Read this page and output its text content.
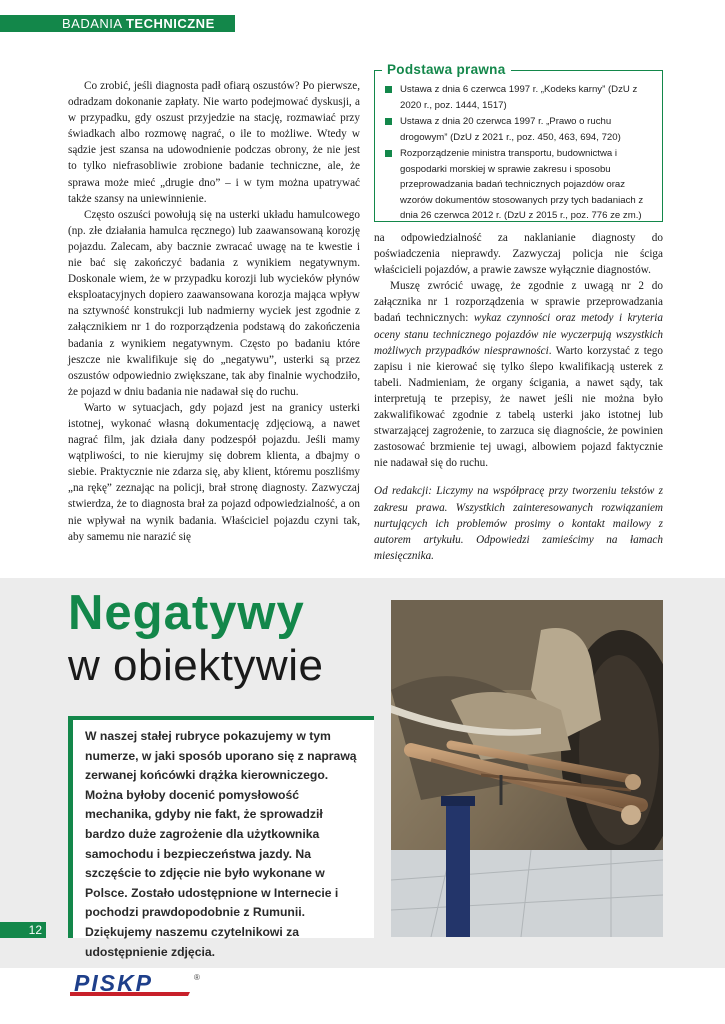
BADANIA TECHNICZNE

Co zrobić, jeśli diagnosta padł ofiarą oszustów? Po pierwsze, odradzam dokonanie zapłaty. Nie warto podejmować dyskusji, a w przypadku, gdy oszust przyjedzie na stację, rozmawiać przy świadkach albo rozmowę nagrać, o ile to możliwe. Wtedy w sądzie jest szansa na udowodnienie podczas obrony, że nie jest to tylko niefrasobliwie zrobione badanie techniczne, ale, że sprawa może mieć „drugie dno” – i w tym można upatrywać także szansy na uniewinnienie.

Często oszuści powołują się na usterki układu hamulcowego (np. złe działania hamulca ręcznego) lub zaawansowaną korozję pojazdu. Zalecam, aby bacznie zwracać uwagę na te kwestie i nie bać się zakończyć badania z wynikiem negatywnym. Doskonale wiem, że w przypadku korozji lub wycieków płynów eksploatacyjnych dopiero zaawansowana korozja mająca wpływ na sztywność konstrukcji lub nadmierny wyciek jest zgodnie z załącznikiem nr 1 do rozporządzenia podstawą do zakończenia badania z wynikiem negatywnym. Często po badaniu które jeszcze nie kwalifikuje się do „negatywu”, usterki są przez oszustów odpowiednio zwiększane, tak aby finalnie wychodziło, że pojazd w dniu badania nie nadawał się do ruchu.

Warto w sytuacjach, gdy pojazd jest na granicy usterki istotnej, wykonać własną dokumentację zdjęciową, a nawet nagrać film, jak działa dany podzespół pojazdu. Jeśli mamy wątpliwości, to nie kierujmy się dobrem klienta, a dbajmy o siebie. Praktycznie nie zdarza się, aby klient, któremu poszliśmy „na rękę” zeznając na policji, brał stronę diagnosty. Zazwyczaj stwierdza, że to diagnosta brał za pojazd odpowiedzialność, a on nie wpływał na wynik badania. Właściciel pojazdu czyni tak, aby samemu nie narazić się

Podstawa prawna
Ustawa z dnia 6 czerwca 1997 r. „Kodeks karny” (DzU z 2020 r., poz. 1444, 1517)
Ustawa z dnia 20 czerwca 1997 r. „Prawo o ruchu drogowym” (DzU z 2021 r., poz. 450, 463, 694, 720)
Rozporządzenie ministra transportu, budownictwa i gospodarki morskiej w sprawie zakresu i sposobu przeprowadzania badań technicznych pojazdów oraz wzorów dokumentów stosowanych przy tych badaniach z dnia 26 czerwca 2012 r. (DzU z 2015 r., poz. 776 ze zm.)

na odpowiedzialność za naklanianie diagnosty do poświadczenia nieprawdy. Zazwyczaj policja nie ściga właścicieli pojazdów, a prawie zawsze wyłącznie diagnostów.

Muszę zwrócić uwagę, że zgodnie z uwagą nr 2 do załącznika nr 1 rozporządzenia w sprawie przeprowadzania badań technicznych: wykaz czynności oraz metody i kryteria oceny stanu technicznego pojazdów nie wyczerpują wszystkich możliwych przypadków niesprawności. Warto korzystać z tego zapisu i nie kierować się tylko ślepo kwalifikacją usterek z tabeli. Nadmieniam, że organy ścigania, a nawet sądy, tak interpretują te przepisy, że nawet jeśli nie można było zakwalifikować zgodnie z tabelą usterki jako istotnej lub stwarzającej zagrożenie, to zarzuca się diagnoście, że powinien zastosować brzmienie tej uwagi, albowiem pojazd faktycznie nie nadawał się do ruchu.

Od redakcji: Liczymy na współpracę przy tworzeniu tekstów z zakresu prawa. Wszystkich zainteresowanych rozwiązaniem nurtujących ich problemów prosimy o kontakt mailowy z autorem artykułu. Odpowiedzi zamieścimy na łamach miesięcznika.

Negatywy
w obiektywie
W naszej stałej rubryce pokazujemy w tym numerze, w jaki sposób uporano się z naprawą zerwanej końcówki drążka kierowniczego. Można byłoby docenić pomysłowość mechanika, gdyby nie fakt, że sprowadził bardzo duże zagrożenie dla użytkownika samochodu i bezpieczeństwa jazdy. Na szczęście to zdjęcie nie było wykonane w Polsce. Zostało udostępnione w Internecie i pochodzi prawdopodobnie z Rumunii. Dziękujemy naszemu czytelnikowi za udostępnienie zdjęcia.
12
PISKP	®
